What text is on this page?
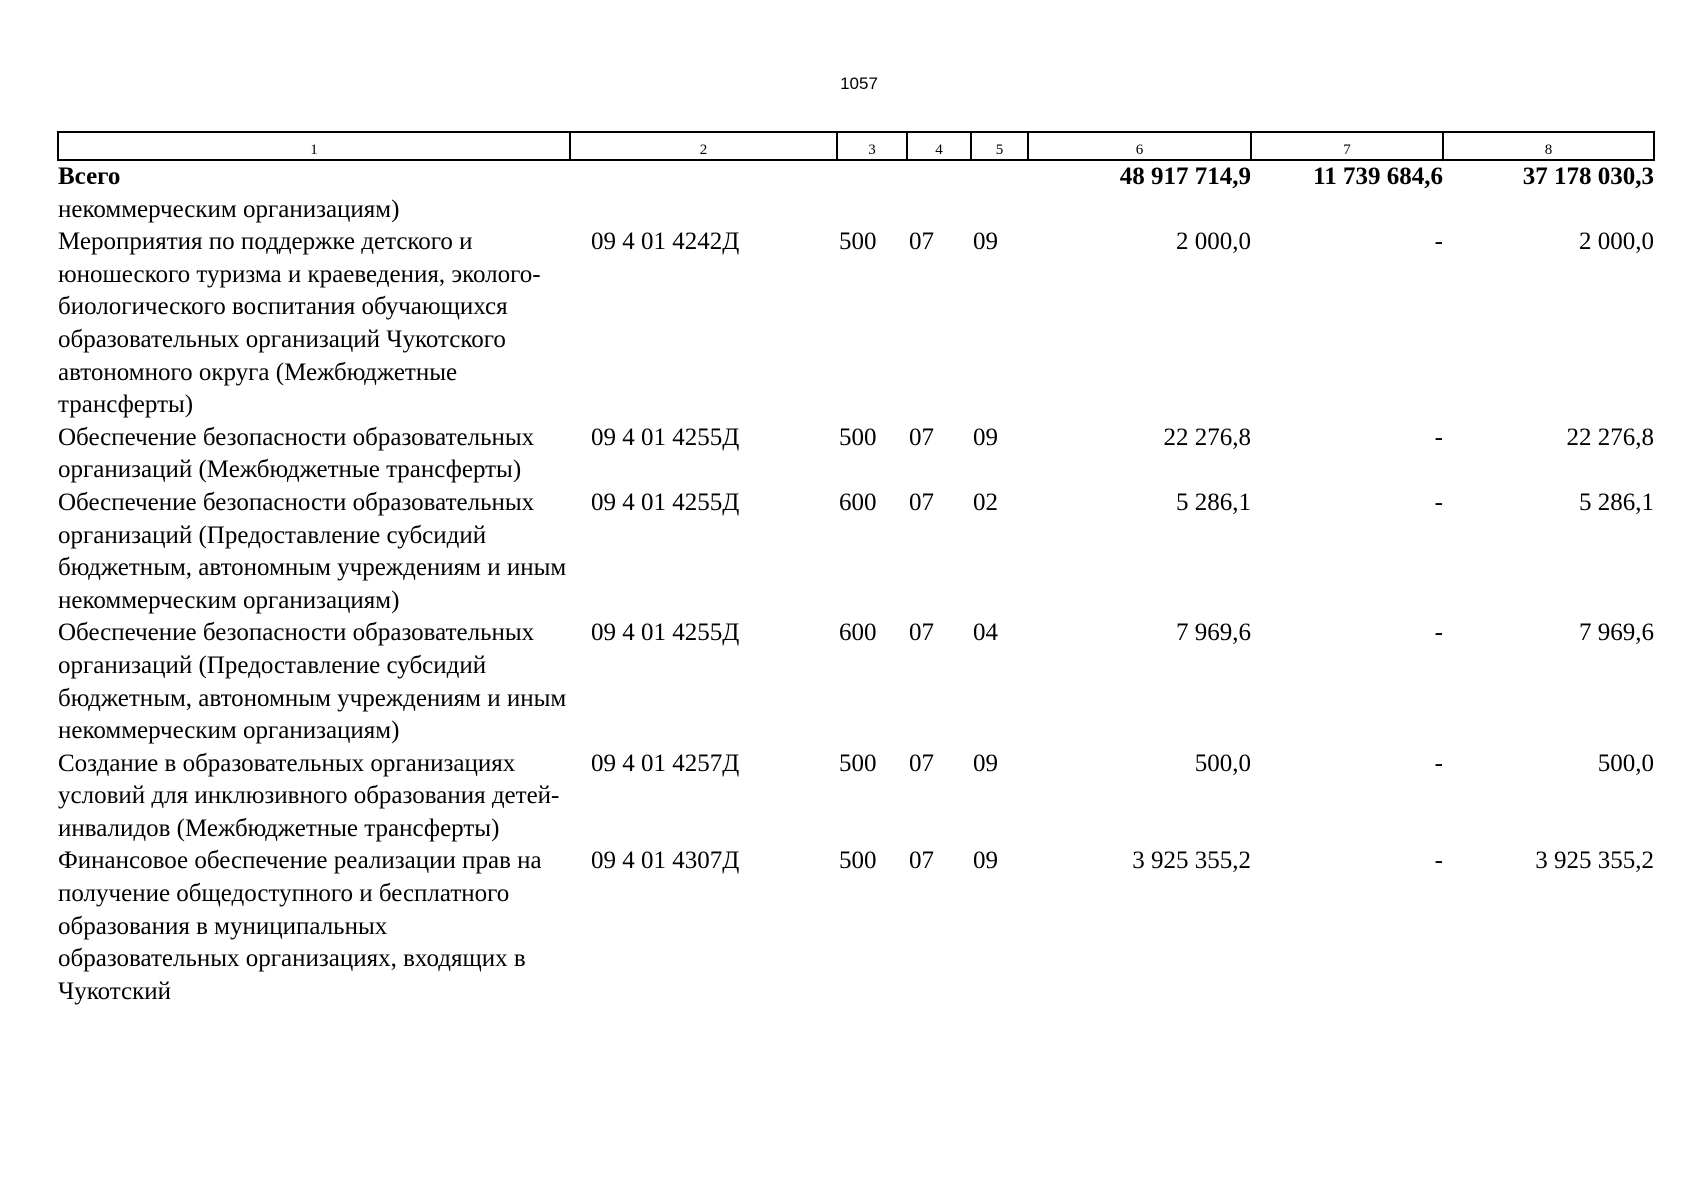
1057
1	2	3	4	5	6	7	8
Всего					48 917 714,9	11 739 684,6	37 178 030,3
некоммерческим организациям)							
Мероприятия по поддержке детского и юношеского туризма и краеведения, эколого-биологического воспитания обучающихся образовательных организаций Чукотского автономного округа (Межбюджетные трансферты)	09 4 01 4242Д	500	07	09	2 000,0	-	2 000,0
Обеспечение безопасности образовательных организаций (Межбюджетные трансферты)	09 4 01 4255Д	500	07	09	22 276,8	-	22 276,8
Обеспечение безопасности образовательных организаций (Предоставление субсидий бюджетным, автономным учреждениям и иным некоммерческим организациям)	09 4 01 4255Д	600	07	02	5 286,1	-	5 286,1
Обеспечение безопасности образовательных организаций (Предоставление субсидий бюджетным, автономным учреждениям и иным некоммерческим организациям)	09 4 01 4255Д	600	07	04	7 969,6	-	7 969,6
Создание в образовательных организациях условий для инклюзивного образования детей-инвалидов (Межбюджетные трансферты)	09 4 01 4257Д	500	07	09	500,0	-	500,0
Финансовое обеспечение реализации прав на получение общедоступного и бесплатного образования в муниципальных образовательных организациях, входящих в Чукотский	09 4 01 4307Д	500	07	09	3 925 355,2	-	3 925 355,2
